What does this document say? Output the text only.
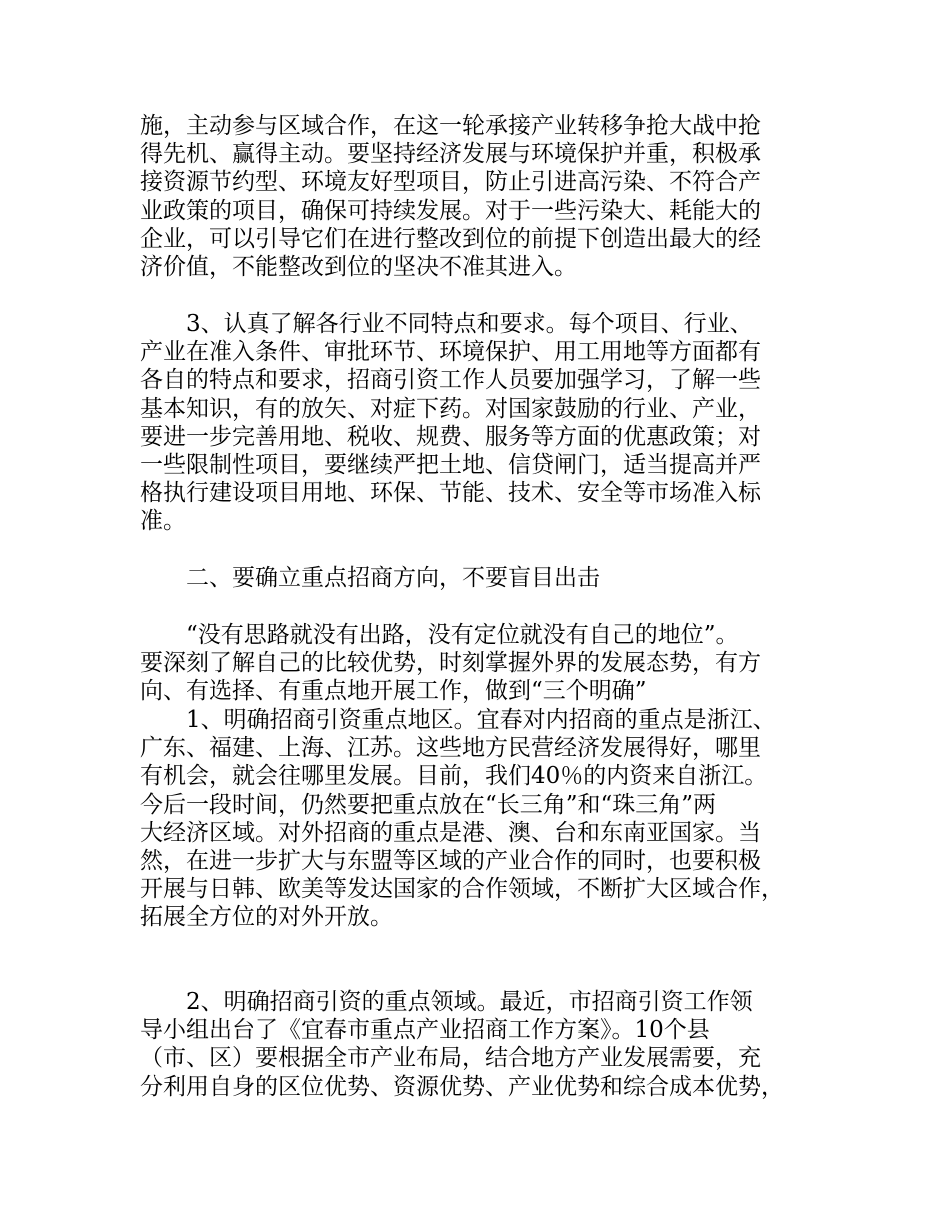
施，主动参与区域合作，在这一轮承接产业转移争抢大战中抢
得先机、赢得主动。要坚持经济发展与环境保护并重，积极承
接资源节约型、环境友好型项目，防止引进高污染、不符合产
业政策的项目，确保可持续发展。对于一些污染大、耗能大的
企业，可以引导它们在进行整改到位的前提下创造出最大的经
济价值，不能整改到位的坚决不准其进入。
　　3、认真了解各行业不同特点和要求。每个项目、行业、
产业在准入条件、审批环节、环境保护、用工用地等方面都有
各自的特点和要求，招商引资工作人员要加强学习，了解一些
基本知识，有的放矢、对症下药。对国家鼓励的行业、产业，
要进一步完善用地、税收、规费、服务等方面的优惠政策；对
一些限制性项目，要继续严把土地、信贷闸门，适当提高并严
格执行建设项目用地、环保、节能、技术、安全等市场准入标
准。
　　二、要确立重点招商方向，不要盲目出击
　　“没有思路就没有出路，没有定位就没有自己的地位”。
要深刻了解自己的比较优势，时刻掌握外界的发展态势，有方
向、有选择、有重点地开展工作，做到“三个明确”
　　1、明确招商引资重点地区。宜春对内招商的重点是浙江、
广东、福建、上海、江苏。这些地方民营经济发展得好，哪里
有机会，就会往哪里发展。目前，我们40％的内资来自浙江。
今后一段时间，仍然要把重点放在“长三角”和“珠三角”两
大经济区域。对外招商的重点是港、澳、台和东南亚国家。当
然，在进一步扩大与东盟等区域的产业合作的同时，也要积极
开展与日韩、欧美等发达国家的合作领域，不断扩大区域合作，
拓展全方位的对外开放。
　　2、明确招商引资的重点领域。最近，市招商引资工作领
导小组出台了《宜春市重点产业招商工作方案》。10个县
（市、区）要根据全市产业布局，结合地方产业发展需要，充
分利用自身的区位优势、资源优势、产业优势和综合成本优势，
